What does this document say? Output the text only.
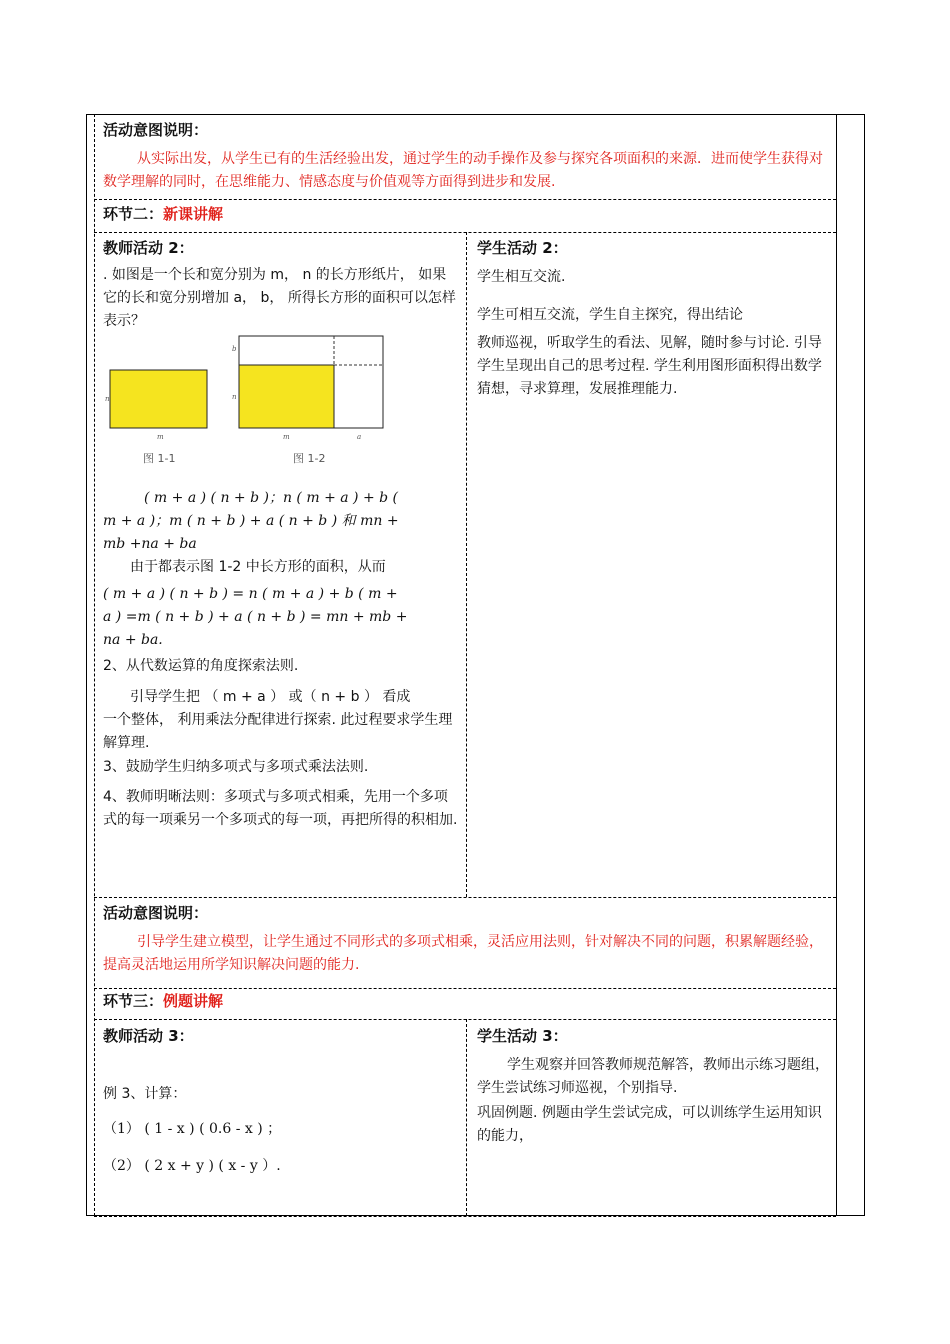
活动意图说明：
从实际出发，从学生已有的生活经验出发，通过学生的动手操作及参与探究各项面积的来源．进而使学生获得对数学理解的同时，在思维能力、情感态度与价值观等方面得到进步和发展.
环节二：新课讲解
教师活动 2：
. 如图是一个长和宽分别为 m， n 的长方形纸片， 如果它的长和宽分别增加 a， b， 所得长方形的面积可以怎样表示？
n
m
图 1-1
b
n
m	a
图 1-2
( m + a ) ( n + b )；n ( m + a ) + b (
m + a )；m ( n + b ) + a ( n + b ) 和 mn +
mb +na + ba
由于都表示图 1-2 中长方形的面积，从而
( m + a ) ( n + b ) = n ( m + a ) + b ( m +
a ) =m ( n + b ) + a ( n + b ) = mn + mb +
na + ba.
2、从代数运算的角度探索法则.
引导学生把 （ m + a ） 或（ n + b ） 看成
一个整体， 利用乘法分配律进行探索. 此过程要求学生理解算理.
3、鼓励学生归纳多项式与多项式乘法法则.
4、教师明晰法则：多项式与多项式相乘，先用一个多项式的每一项乘另一个多项式的每一项，再把所得的积相加.
学生活动 2：
学生相互交流.
学生可相互交流，学生自主探究，得出结论
教师巡视，听取学生的看法、见解，随时参与讨论. 引导学生呈现出自己的思考过程. 学生利用图形面积得出数学猜想，寻求算理，发展推理能力.
活动意图说明：
引导学生建立模型，让学生通过不同形式的多项式相乘，灵活应用法则，针对解决不同的问题，积累解题经验，提高灵活地运用所学知识解决问题的能力.
环节三：例题讲解
教师活动 3：
例 3、计算：
（1） ( 1 - x ) ( 0.6 - x ) ；
（2） ( 2 x + y ) ( x - y ）.
学生活动 3：
学生观察并回答教师规范解答，教师出示练习题组，学生尝试练习师巡视，个别指导.
巩固例题. 例题由学生尝试完成，可以训练学生运用知识的能力，
